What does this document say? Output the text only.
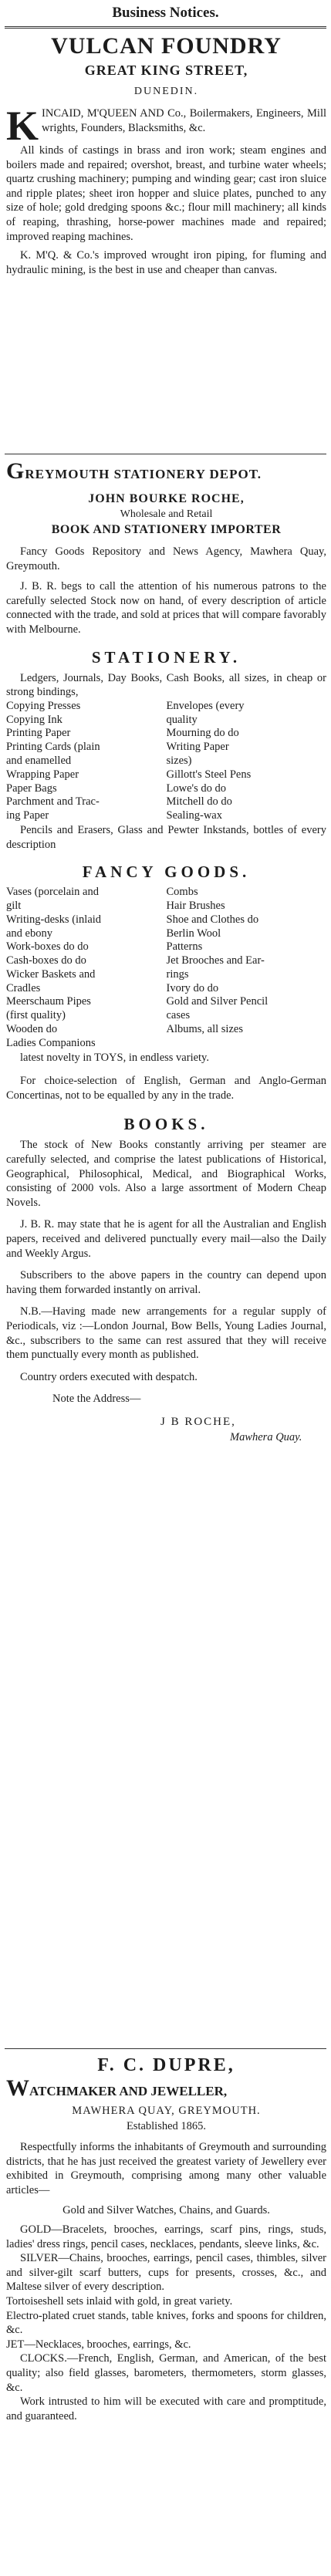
Business Notices.
VULCAN FOUNDRY
GREAT KING STREET,
DUNEDIN.

K INCAID, M'QUEEN AND Co., Boilermakers, Engineers, Mill wrights, Founders, Blacksmiths, &c.

All kinds of castings in brass and iron work; steam engines and boilers made and repaired; overshot, breast, and turbine water wheels; quartz crushing machinery; pumping and winding gear; cast iron sluice and ripple plates; sheet iron hopper and sluice plates, punched to any size of hole; gold dredging spoons &c.; flour mill machinery; all kinds of reaping, thrashing, horse-power machines made and repaired; improved reaping machines.

K. M'Q. & Co.'s improved wrought iron piping, for fluming and hydraulic mining, is the best in use and cheaper than canvas.

GREYMOUTH STATIONERY DEPOT.
JOHN BOURKE ROCHE,
Wholesale and Retail
BOOK AND STATIONERY IMPORTER

Fancy Goods Repository and News Agency, Mawhera Quay, Greymouth.

J. B. R. begs to call the attention of his numerous patrons to the carefully selected Stock now on hand, of every description of article connected with the trade, and sold at prices that will compare favorably with Melbourne.

STATIONERY.

Ledgers, Journals, Day Books, Cash Books, all sizes, in cheap or strong bindings,

Copying Presses	Envelopes (every
Copying Ink	quality
Printing Paper	Mourning do do
Printing Cards (plain	Writing Paper
and enamelled	sizes)
Wrapping Paper	Gillott's Steel Pens
Paper Bags	Lowe's do do
Parchment and Trac-	Mitchell do do
ing Paper	Sealing-wax

Pencils and Erasers, Glass and Pewter Inkstands, bottles of every description

FANCY GOODS.
Vases (porcelain and	Combs
gilt	Hair Brushes
Writing-desks (inlaid	Shoe and Clothes do
and ebony	Berlin Wool
Work-boxes do do	Patterns
Cash-boxes do do	Jet Brooches and Ear-
Wicker Baskets and	rings
Cradles	Ivory do do
Meerschaum Pipes	Gold and Silver Pencil
(first quality)	cases
Wooden do	Albums, all sizes
Ladies Companions	

latest novelty in TOYS, in endless variety.

For choice-selection of English, German and Anglo-German Concertinas, not to be equalled by any in the trade.

BOOKS.

The stock of New Books constantly arriving per steamer are carefully selected, and comprise the latest publications of Historical, Geographical, Philosophical, Medical, and Biographical Works, consisting of 2000 vols. Also a large assortment of Modern Cheap Novels.

J. B. R. may state that he is agent for all the Australian and English papers, received and delivered punctually every mail—also the Daily and Weekly Argus.

Subscribers to the above papers in the country can depend upon having them forwarded instantly on arrival.

N.B.—Having made new arrangements for a regular supply of Periodicals, viz :—London Journal, Bow Bells, Young Ladies Journal, &c., subscribers to the same can rest assured that they will receive them punctually every month as published.

Country orders executed with despatch.

Note the Address—

J B ROCHE,
Mawhera Quay.
F. C. DUPRE,
WATCHMAKER AND JEWELLER,
MAWHERA QUAY, GREYMOUTH.
Established 1865.

Respectfully informs the inhabitants of Greymouth and surrounding districts, that he has just received the greatest variety of Jewellery ever exhibited in Greymouth, comprising among many other valuable articles—

Gold and Silver Watches, Chains, and Guards.

GOLD—Bracelets, brooches, earrings, scarf pins, rings, studs, ladies' dress rings, pencil cases, necklaces, pendants, sleeve links, &c.

SILVER—Chains, brooches, earrings, pencil cases, thimbles, silver and silver-gilt scarf butters, cups for presents, crosses, &c., and Maltese silver of every description.

Tortoiseshell sets inlaid with gold, in great variety.

Electro-plated cruet stands, table knives, forks and spoons for children, &c.

JET—Necklaces, brooches, earrings, &c.

CLOCKS.—French, English, German, and American, of the best quality; also field glasses, barometers, thermometers, storm glasses, &c.

Work intrusted to him will be executed with care and promptitude, and guaranteed.
